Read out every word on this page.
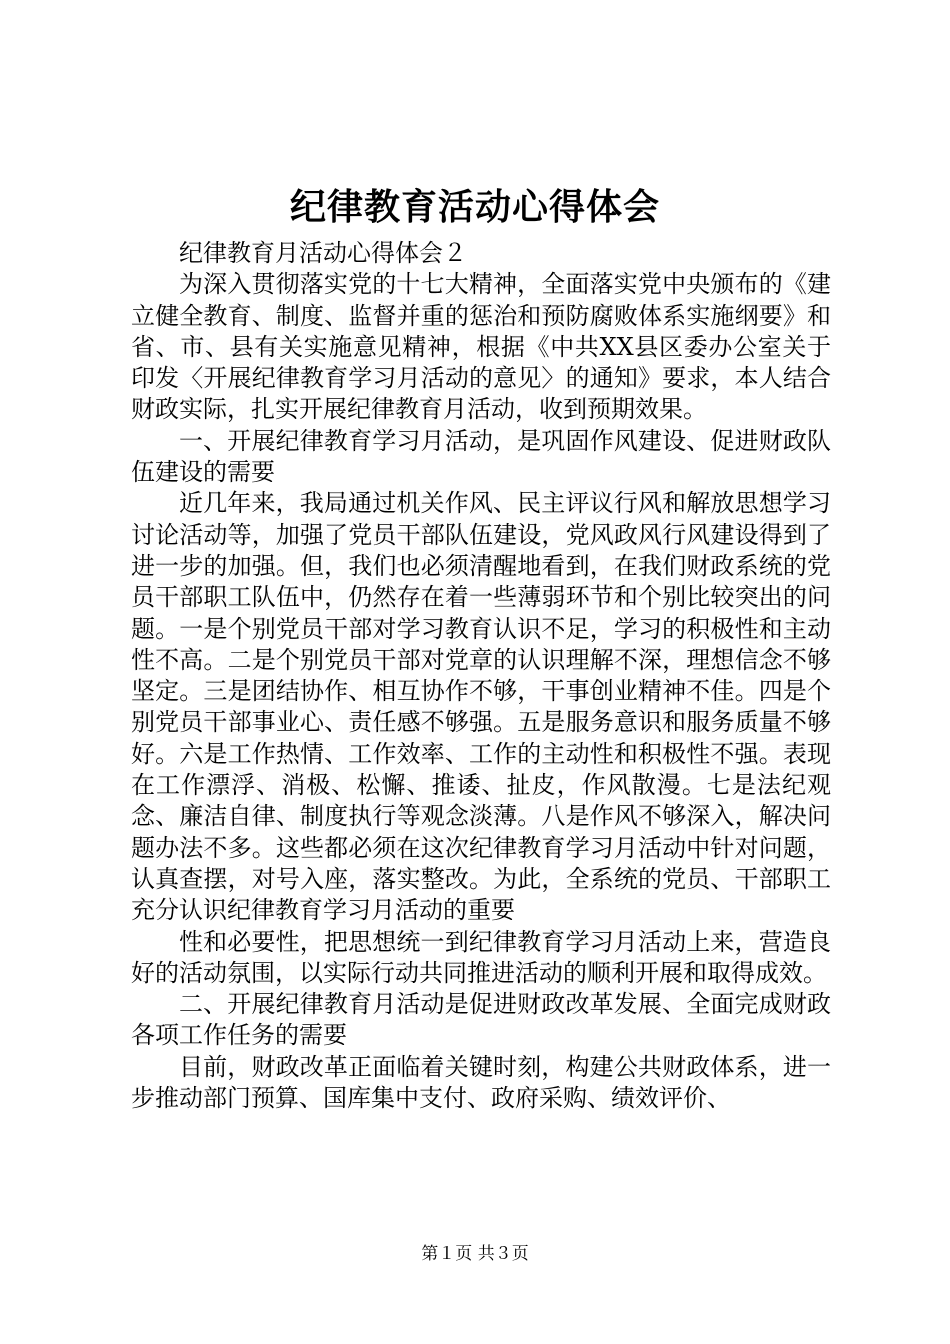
纪律教育活动心得体会

纪律教育月活动心得体会２

为深入贯彻落实党的十七大精神，全面落实党中央颁布的《建立健全教育、制度、监督并重的惩治和预防腐败体系实施纲要》和省、市、县有关实施意见精神，根据《中共XX县区委办公室关于印发〈开展纪律教育学习月活动的意见〉的通知》要求，本人结合财政实际，扎实开展纪律教育月活动，收到预期效果。

一、开展纪律教育学习月活动，是巩固作风建设、促进财政队伍建设的需要

近几年来，我局通过机关作风、民主评议行风和解放思想学习讨论活动等，加强了党员干部队伍建设，党风政风行风建设得到了进一步的加强。但，我们也必须清醒地看到，在我们财政系统的党员干部职工队伍中，仍然存在着一些薄弱环节和个别比较突出的问题。一是个别党员干部对学习教育认识不足，学习的积极性和主动性不高。二是个别党员干部对党章的认识理解不深，理想信念不够坚定。三是团结协作、相互协作不够，干事创业精神不佳。四是个别党员干部事业心、责任感不够强。五是服务意识和服务质量不够好。六是工作热情、工作效率、工作的主动性和积极性不强。表现在工作漂浮、消极、松懈、推诿、扯皮，作风散漫。七是法纪观念、廉洁自律、制度执行等观念淡薄。八是作风不够深入，解决问题办法不多。这些都必须在这次纪律教育学习月活动中针对问题，认真查摆，对号入座，落实整改。为此，全系统的党员、干部职工充分认识纪律教育学习月活动的重要

性和必要性，把思想统一到纪律教育学习月活动上来，营造良好的活动氛围，以实际行动共同推进活动的顺利开展和取得成效。

二、开展纪律教育月活动是促进财政改革发展、全面完成财政各项工作任务的需要

目前，财政改革正面临着关键时刻，构建公共财政体系，进一步推动部门预算、国库集中支付、政府采购、绩效评价、

第１页 共３页
